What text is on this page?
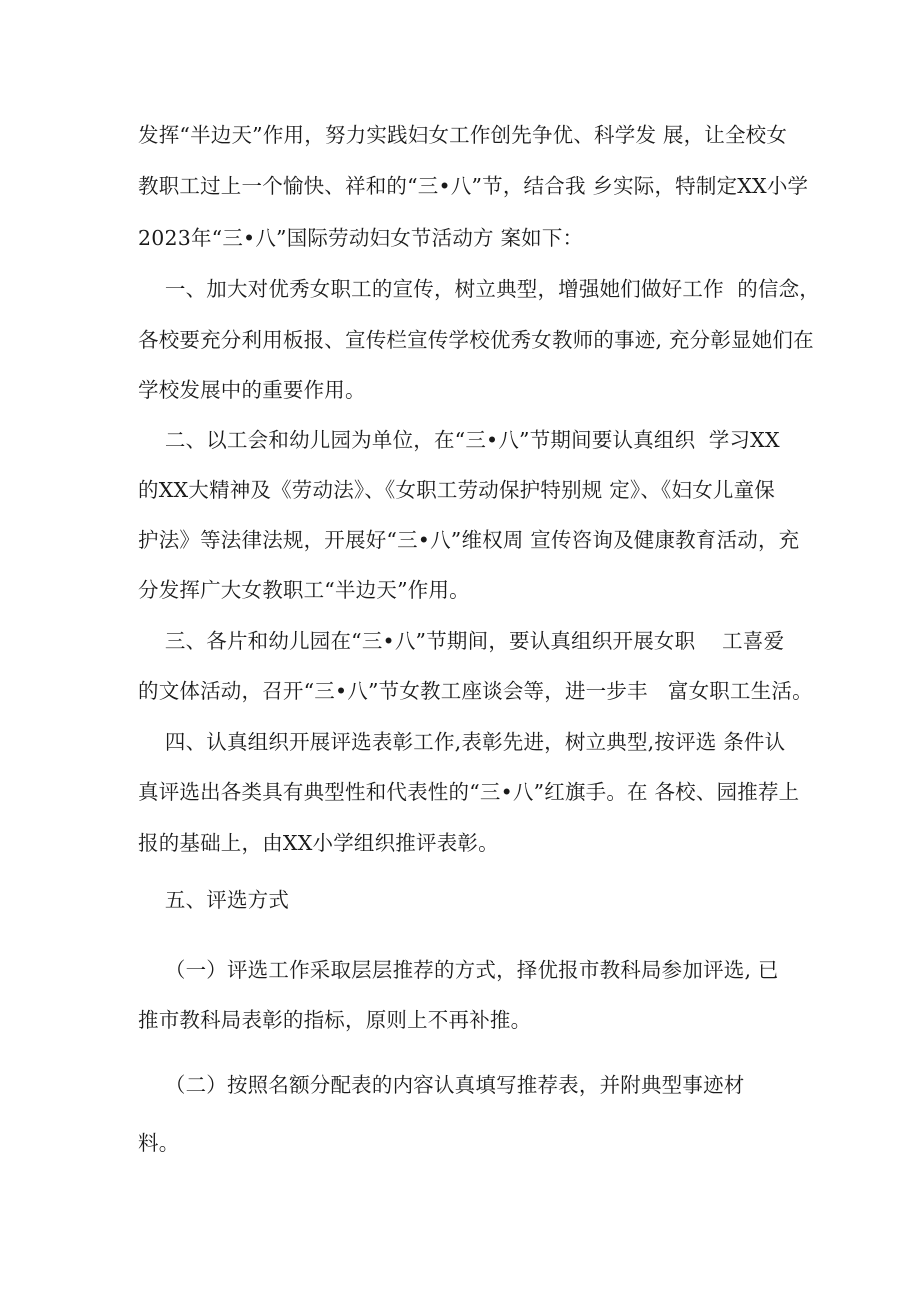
发挥“半边天”作用，努力实践妇女工作创先争优、科学发 展，让全校女
教职工过上一个愉快、祥和的“三•八”节，结合我 乡实际，特制定XX小学
2023年“三•八”国际劳动妇女节活动方 案如下：
一、加大对优秀女职工的宣传，树立典型，增强她们做好工作  的信念，
各校要充分利用板报、宣传栏宣传学校优秀女教师的事迹, 充分彰显她们在
学校发展中的重要作用。
二、以工会和幼儿园为单位，在“三•八”节期间要认真组织  学习XX
的XX大精神及《劳动法》、《女职工劳动保护特别规 定》、《妇女儿童保
护法》等法律法规，开展好“三•八”维权周 宣传咨询及健康教育活动，充
分发挥广大女教职工“半边天”作用。
三、各片和幼儿园在“三•八”节期间，要认真组织开展女职    工喜爱
的文体活动，召开“三•八”节女教工座谈会等，进一步丰   富女职工生活。
四、认真组织开展评选表彰工作,表彰先进，树立典型,按评选 条件认
真评选出各类具有典型性和代表性的“三•八”红旗手。在 各校、园推荐上
报的基础上，由XX小学组织推评表彰。
五、评选方式
（一）评选工作采取层层推荐的方式，择优报市教科局参加评选, 已
推市教科局表彰的指标，原则上不再补推。
（二）按照名额分配表的内容认真填写推荐表，并附典型事迹材
料。
